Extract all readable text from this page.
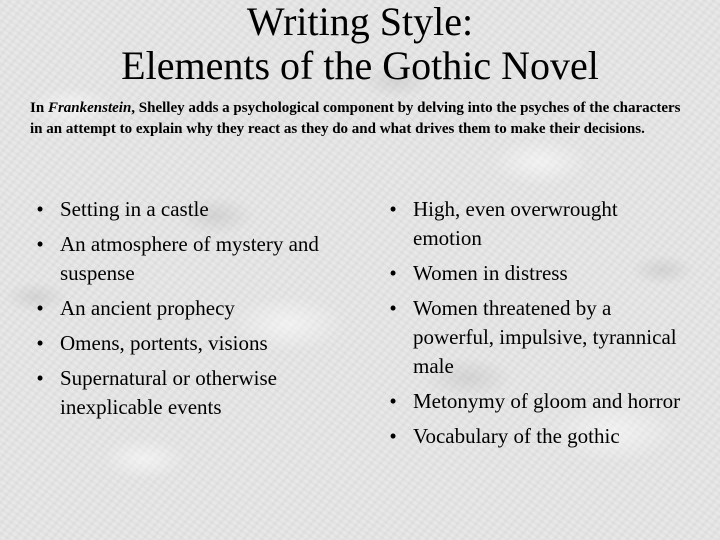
Writing Style:
Elements of the Gothic Novel

In Frankenstein, Shelley adds a psychological component by delving into the psyches of the characters in an attempt to explain why they react as they do and what drives them to make their decisions.

• Setting in a castle
• An atmosphere of mystery and suspense
• An ancient prophecy
• Omens, portents, visions
• Supernatural or otherwise inexplicable events
• High, even overwrought emotion
• Women in distress
• Women threatened by a powerful, impulsive, tyrannical male
• Metonymy of gloom and horror
• Vocabulary of the gothic
